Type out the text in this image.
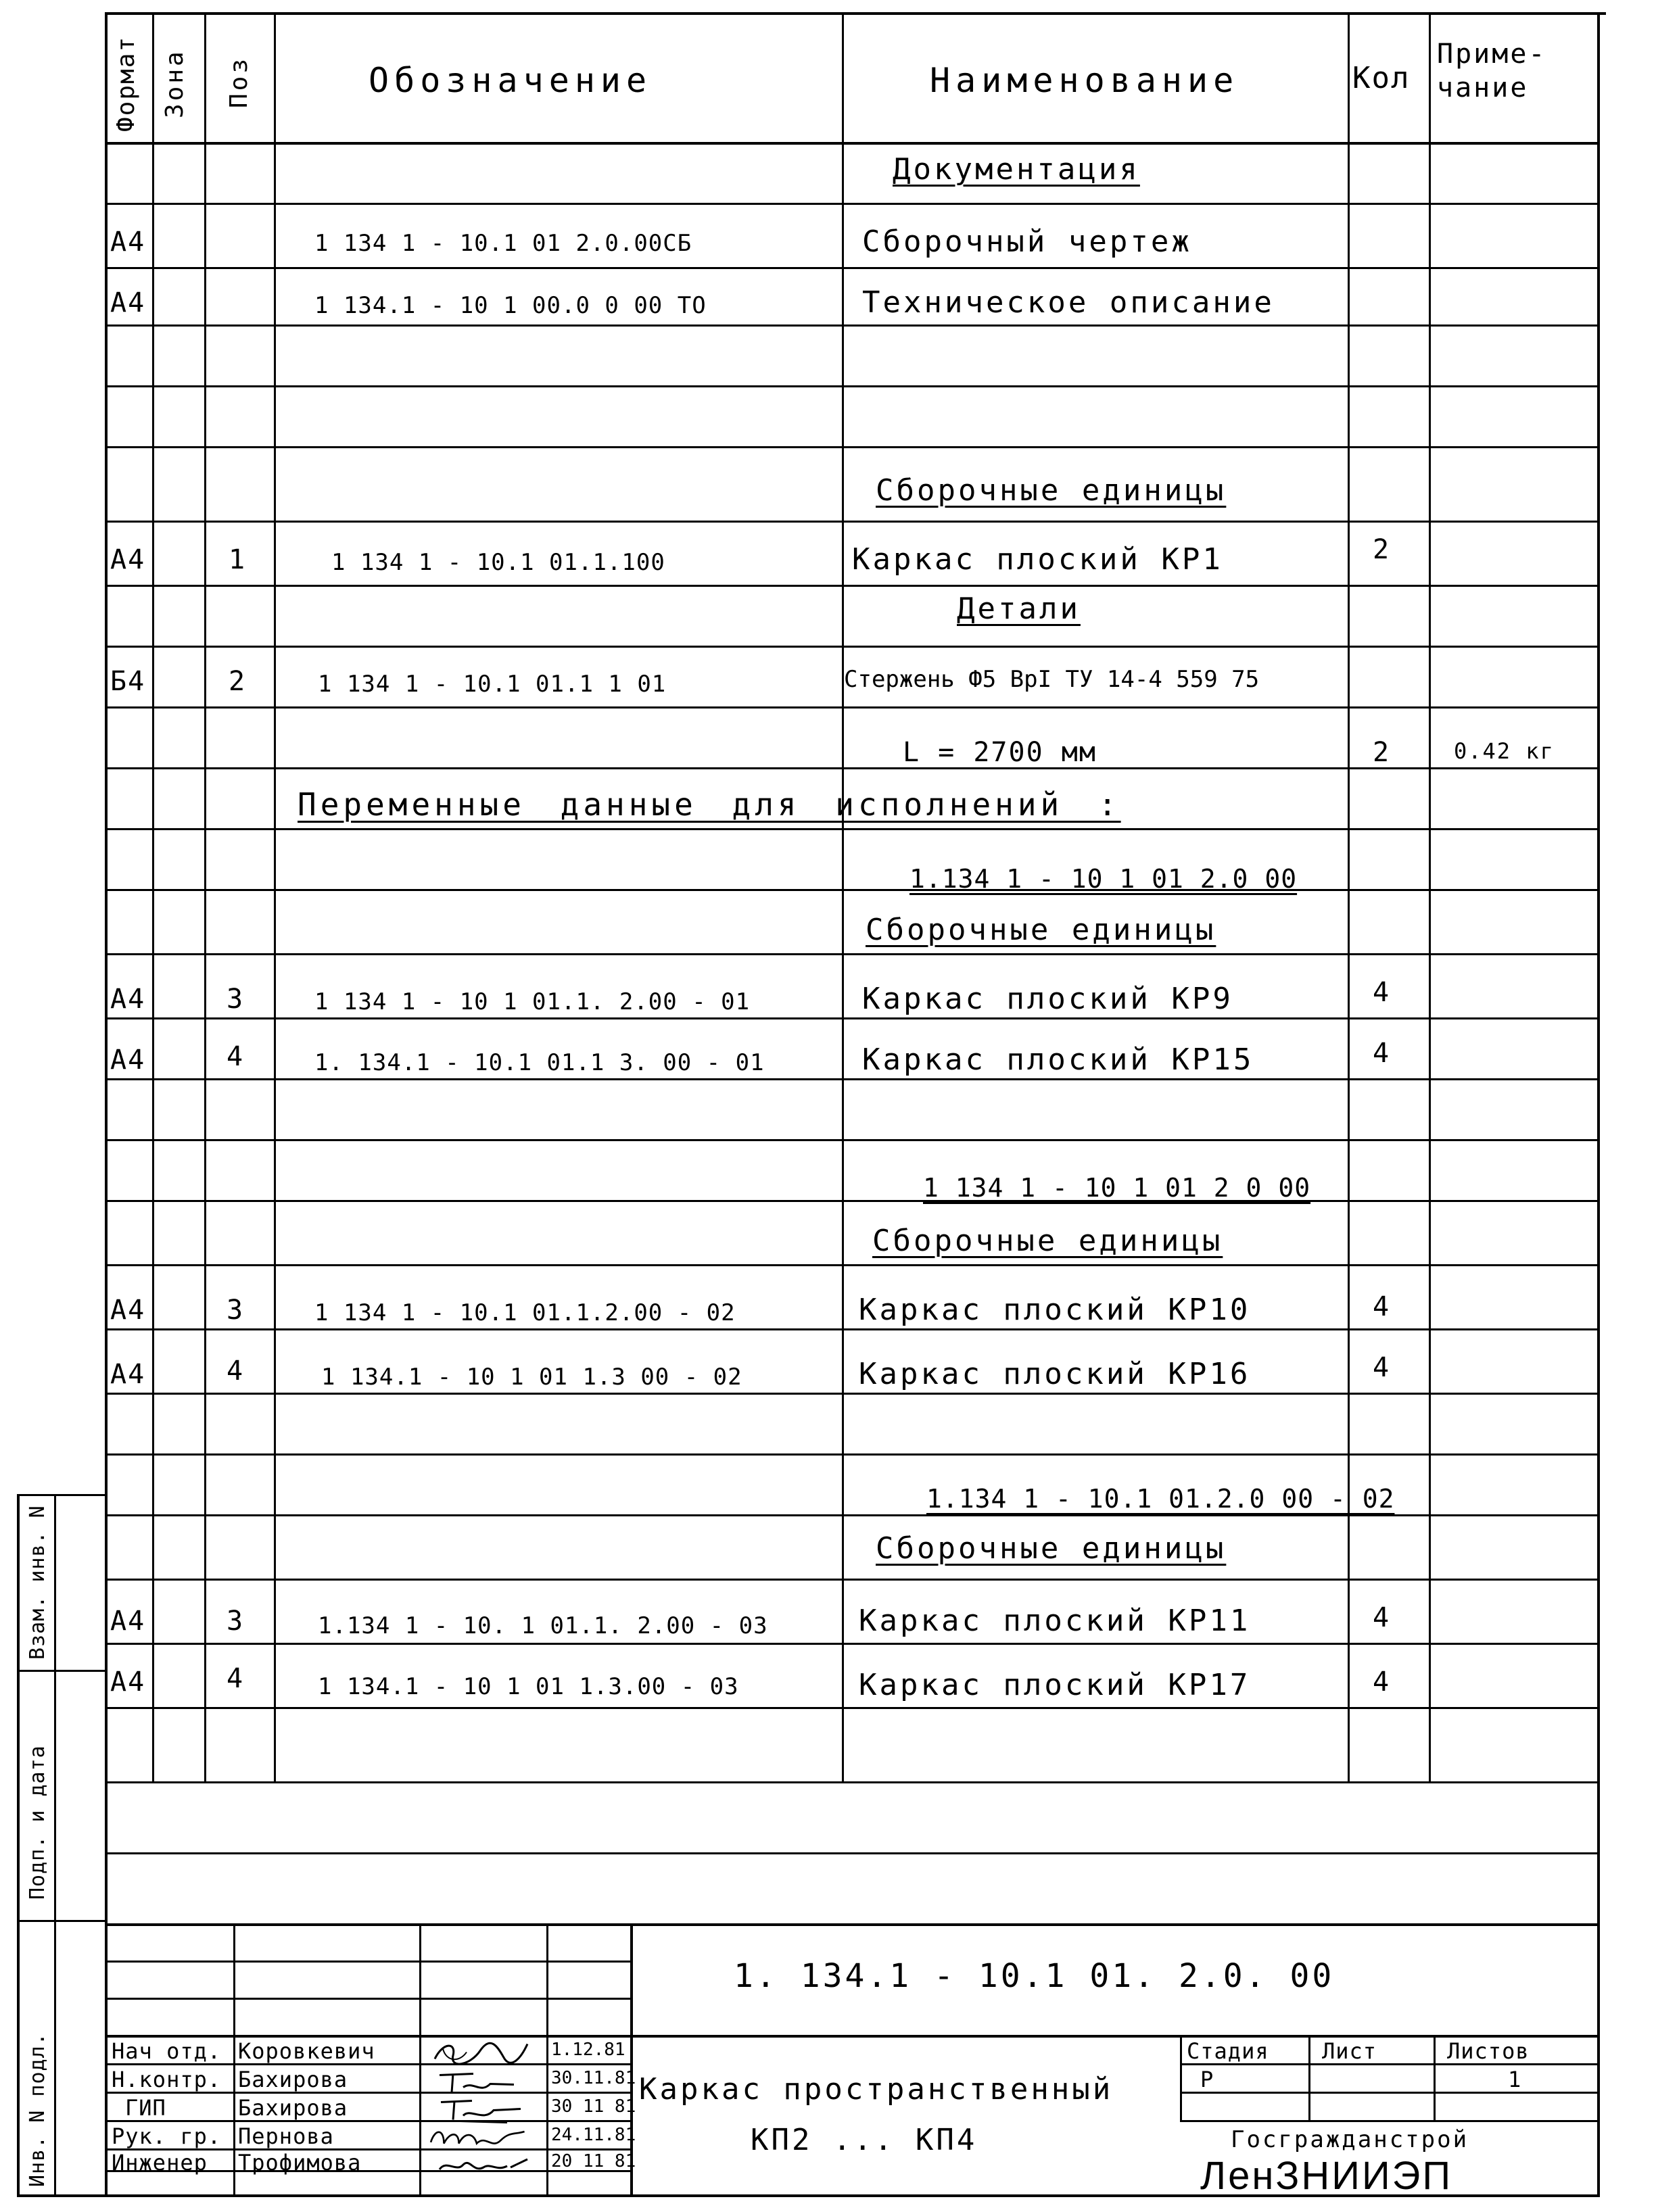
Формат Зона Поз	Обозначение	Наименование	Кол
Приме-
чание
Документация
А4	1 134 1 - 10.1 01 2.0.00СБ	Сборочный чертеж
А4	1 134.1 - 10 1 00.0 0 00 ТО	Техническое описание
Сборочные единицы
А4	1	1 134 1 - 10.1 01.1.100	Каркас плоский КР1	2
Детали
Б4	2	1 134 1 - 10.1 01.1 1 01	Стержень Ф5 ВрI ТУ 14-4 559 75
L = 2700 мм	2	0.42 кг
Переменные данные для исполнений :
1.134 1 - 10 1 01 2.0 00
Сборочные единицы
А4	3	1 134 1 - 10 1 01.1. 2.00 - 01	Каркас плоский КР9	4
А4	4	1. 134.1 - 10.1 01.1 3. 00 - 01	Каркас плоский КР15	4
1 134 1 - 10 1 01 2 0 00
Сборочные единицы
А4	3	1 134 1 - 10.1 01.1.2.00 - 02	Каркас плоский КР10	4
А4	4	1 134.1 - 10 1 01 1.3 00 - 02	Каркас плоский КР16	4
1.134 1 - 10.1 01.2.0 00 - 02
Сборочные единицы
А4	3	1.134 1 - 10. 1 01.1. 2.00 - 03	Каркас плоский КР11	4
А4	4	1 134.1 - 10 1 01 1.3.00 - 03	Каркас плоский КР17	4
Взам. инв. N
Подп. и дата
Инв. N подл.
1. 134.1 - 10.1 01. 2.0. 00
Каркас пространственный
КП2 ... КП4
Стадия Лист	Листов
Р	1
Госгражданстрой
ЛенЗНИИЭП
Нач отд. Коровкевич	1.12.81
Н.контр. Бахирова	30.11.81
ГИП	Бахирова	30 11 81
Рук. гр. Пернова	24.11.81
Инженер Трофимова	20 11 81
